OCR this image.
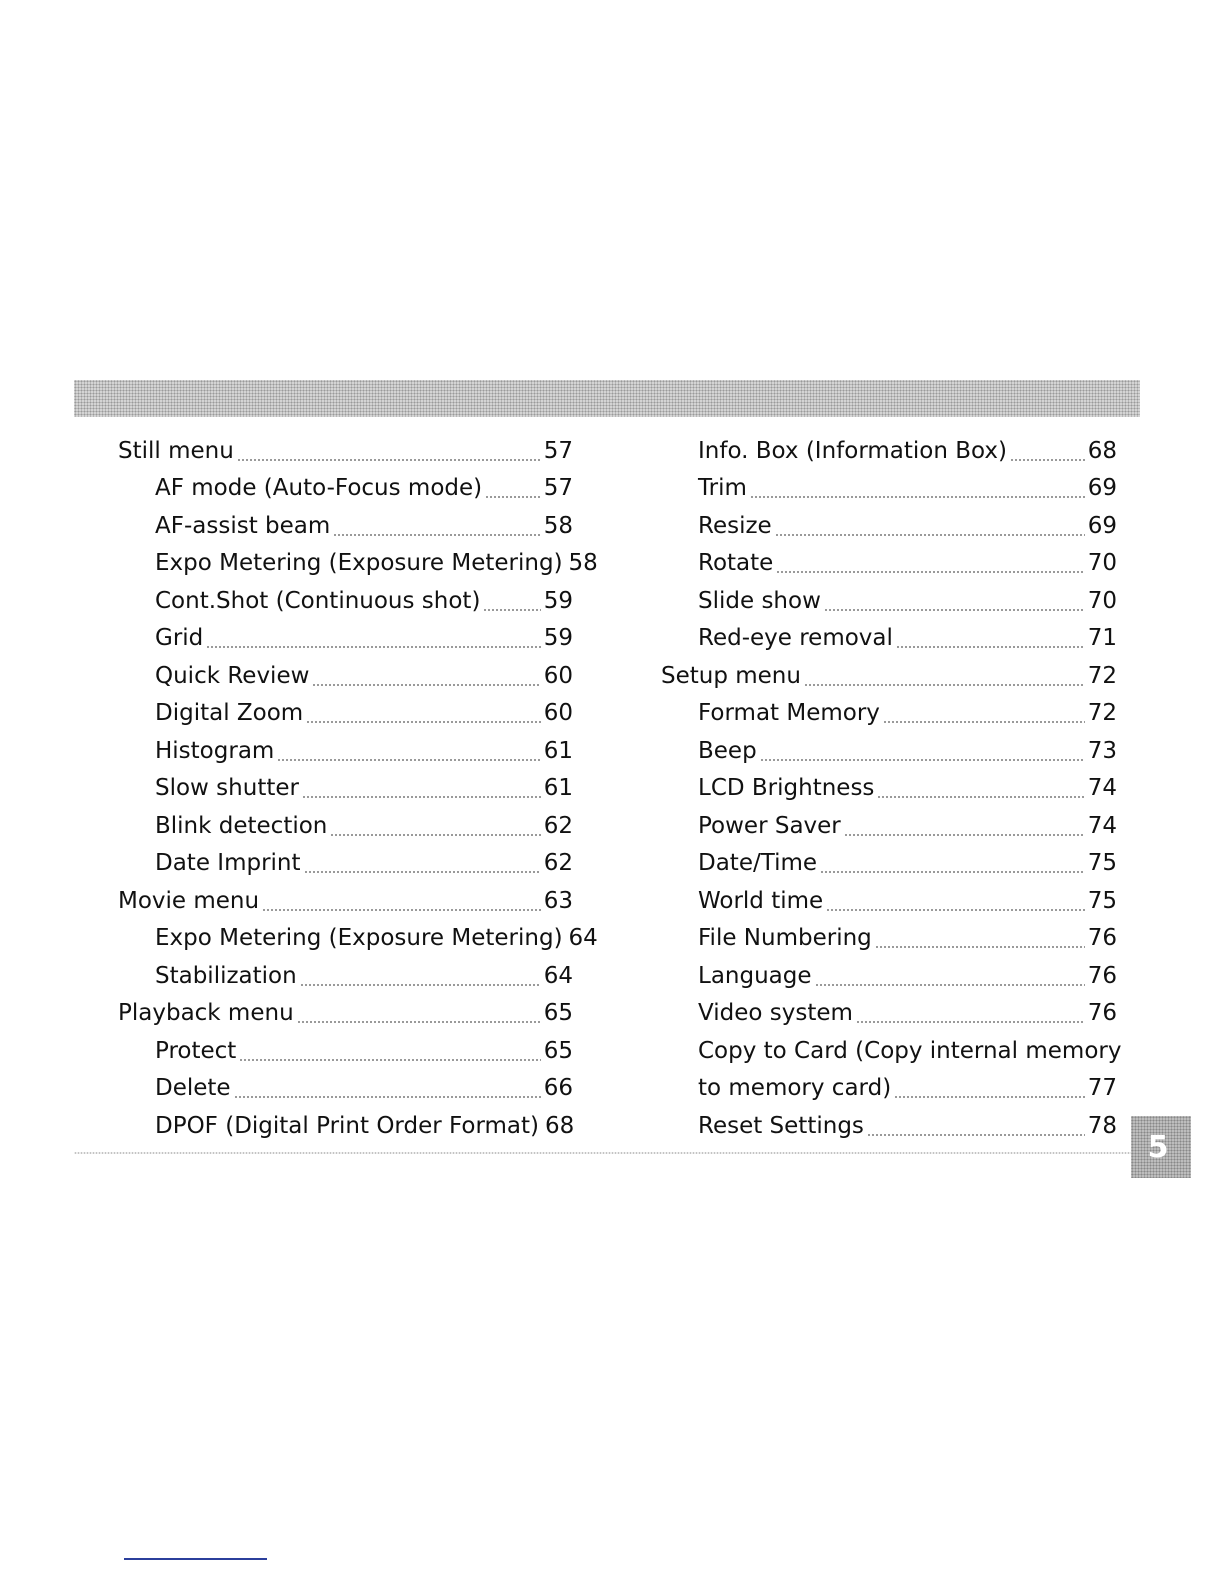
Still menu	57
AF mode (Auto-Focus mode)	57
AF-assist beam	58
Expo Metering (Exposure Metering) 58
Cont.Shot (Continuous shot)	59
Grid	59
Quick Review	60
Digital Zoom	60
Histogram	61
Slow shutter	61
Blink detection	62
Date Imprint	62
Movie menu	63
Expo Metering (Exposure Metering) 64
Stabilization	64
Playback menu	65
Protect	65
Delete	66
DPOF (Digital Print Order Format) 68
Info. Box (Information Box)	68
Trim	69
Resize	69
Rotate	70
Slide show	70
Red-eye removal	71
Setup menu	72
Format Memory	72
Beep	73
LCD Brightness	74
Power Saver	74
Date/Time	75
World time	75
File Numbering	76
Language	76
Video system	76
Copy to Card (Copy internal memory
to memory card)	77
Reset Settings	78
5
